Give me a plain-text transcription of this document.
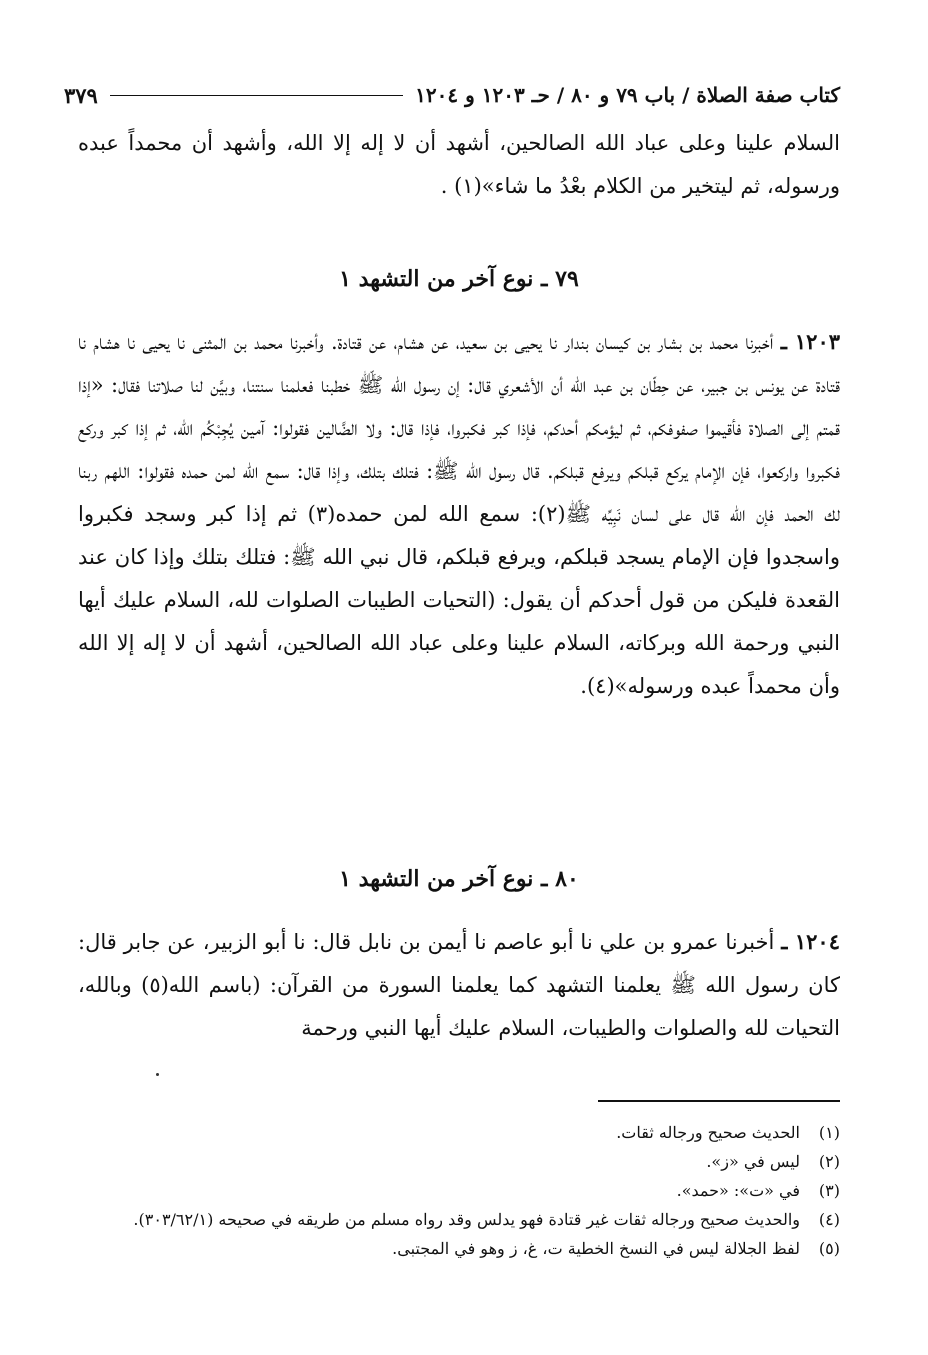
كتاب صفة الصلاة / باب ٧٩ و ٨٠ / حـ ١٢٠٣ و ١٢٠٤
٣٧٩
السلام علينا وعلى عباد الله الصالحين، أشهد أن لا إله إلا الله، وأشهد أن محمداً عبده ورسوله، ثم ليتخير من الكلام بعْدُ ما شاء»(١) .
٧٩ ـ نوع آخر من التشهد ١
١٢٠٣ ـ أخبرنا محمد بن بشار بن كيسان بندار نا يحيى بن سعيد، عن هشام، عن قتادة. وأخبرنا محمد بن المثنى نا يحيى نا هشام نا قتادة عن يونس بن جبير، عن حِطّان بن عبد الله أن الأشعري قال: إن رسول الله ﷺ خطبنا فعلمنا سنتنا، وبيَّن لنا صلاتنا فقال: «إذا قمتم إلى الصلاة فأقيموا صفوفكم، ثم ليؤمكم أحدكم، فإذا كبر فكبروا، فإذا قال: ولا الضَّالين فقولوا: آمين يُجِبْكُم الله، ثم إذا كبر وركع فكبروا واركعوا، فإن الإمام يركع قبلكم ويرفع قبلكم. قال رسول الله ﷺ: فتلك بتلك، وإذا قال: سمع الله لمن حمده فقولوا: اللهم ربنا لك الحمد فإن الله قال على لسان نَبِيِّه ﷺ(٢): سمع الله لمن حمده(٣) ثم إذا كبر وسجد فكبروا واسجدوا فإن الإمام يسجد قبلكم، ويرفع قبلكم، قال نبي الله ﷺ: فتلك بتلك وإذا كان عند القعدة فليكن من قول أحدكم أن يقول: (التحيات الطيبات الصلوات لله، السلام عليك أيها النبي ورحمة الله وبركاته، السلام علينا وعلى عباد الله الصالحين، أشهد أن لا إله إلا الله وأن محمداً عبده ورسوله»(٤).
٨٠ ـ نوع آخر من التشهد ١
١٢٠٤ ـ أخبرنا عمرو بن علي نا أبو عاصم نا أيمن بن نابل قال: نا أبو الزبير، عن جابر قال: كان رسول الله ﷺ يعلمنا التشهد كما يعلمنا السورة من القرآن: (باسم الله(٥) وبالله، التحيات لله والصلوات والطيبات، السلام عليك أيها النبي ورحمة
(١)
الحديث صحيح ورجاله ثقات.
(٢)
ليس في «ز».
(٣)
في «ت»: «حمد».
(٤)
والحديث صحيح ورجاله ثقات غير قتادة فهو يدلس وقد رواه مسلم من طريقه في صحيحه (٣٠٣/٦٢/١).
(٥)
لفظ الجلالة ليس في النسخ الخطية ت، غ، ز وهو في المجتبى.
